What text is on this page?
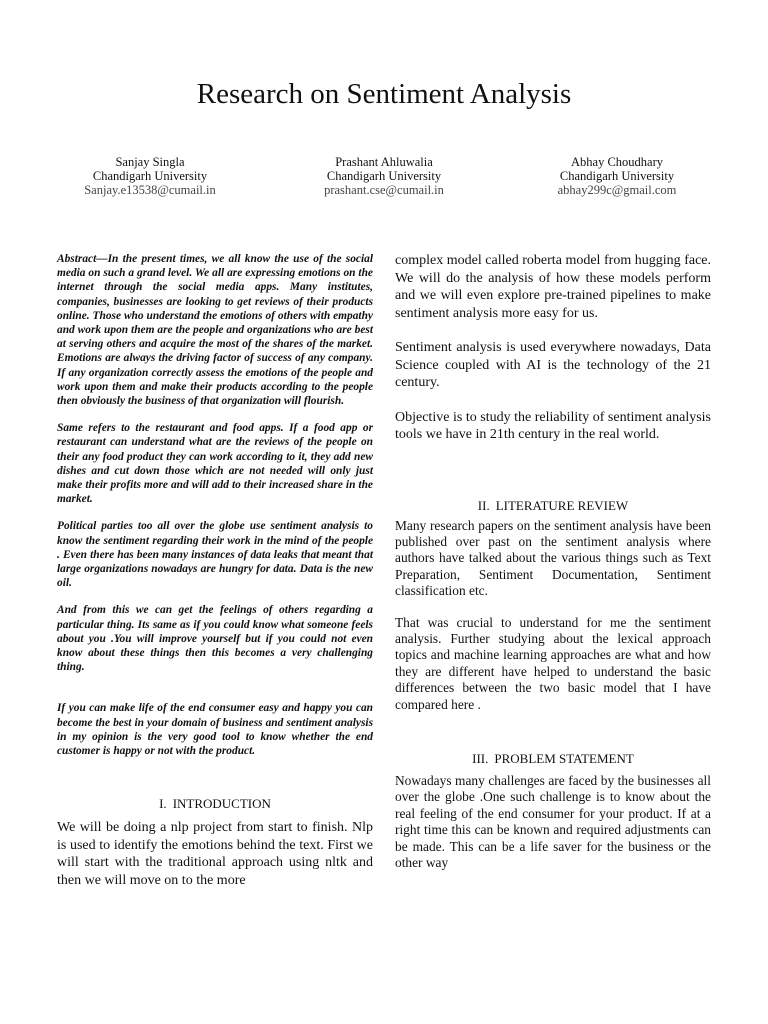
Research on Sentiment Analysis
Sanjay Singla
Chandigarh University
Sanjay.e13538@cumail.in
Prashant Ahluwalia
Chandigarh University
prashant.cse@cumail.in
Abhay Choudhary
Chandigarh University
abhay299c@gmail.com

Abstract—In the present times, we all know the use of the social media on such a grand level. We all are expressing emotions on the internet through the social media apps. Many institutes, companies, businesses are looking to get reviews of their products online. Those who understand the emotions of others with empathy and work upon them are the people and organizations who are best at serving others and acquire the most of the shares of the market. Emotions are always the driving factor of success of any company. If any organization correctly assess the emotions of the people and work upon them and make their products according to the people then obviously the business of that organization will flourish.

Same refers to the restaurant and food apps. If a food app or restaurant can understand what are the reviews of the people on their any food product they can work according to it, they add new dishes and cut down those which are not needed will only just make their profits more and will add to their increased share in the market.

Political parties too all over the globe use sentiment analysis to know the sentiment regarding their work in the mind of the people . Even there has been many instances of data leaks that meant that large organizations nowadays are hungry for data. Data is the new oil.

And from this we can get the feelings of others regarding a particular thing. Its same as if you could know what someone feels about you .You will improve yourself but if you could not even know about these things then this becomes a very challenging thing.

If you can make life of the end consumer easy and happy you can become the best in your domain of business and sentiment analysis in my opinion is the very good tool to know whether the end customer is happy or not with the product.

I. INTRODUCTION

We will be doing a nlp project from start to finish. Nlp is used to identify the emotions behind the text. First we will start with the traditional approach using nltk and then we will move on to the more

complex model called roberta model from hugging face. We will do the analysis of how these models perform and we will even explore pre-trained pipelines to make sentiment analysis more easy for us.

Sentiment analysis is used everywhere nowadays, Data Science coupled with AI is the technology of the 21 century.

Objective is to study the reliability of sentiment analysis tools we have in 21th century in the real world.

II. LITERATURE REVIEW

Many research papers on the sentiment analysis have been published over past on the sentiment analysis where authors have talked about the various things such as Text Preparation, Sentiment Documentation, Sentiment classification etc.

That was crucial to understand for me the sentiment analysis. Further studying about the lexical approach topics and machine learning approaches are what and how they are different have helped to understand the basic differences between the two basic model that I have compared here .

III. PROBLEM STATEMENT

Nowadays many challenges are faced by the businesses all over the globe .One such challenge is to know about the real feeling of the end consumer for your product. If at a right time this can be known and required adjustments can be made. This can be a life saver for the business or the other way
